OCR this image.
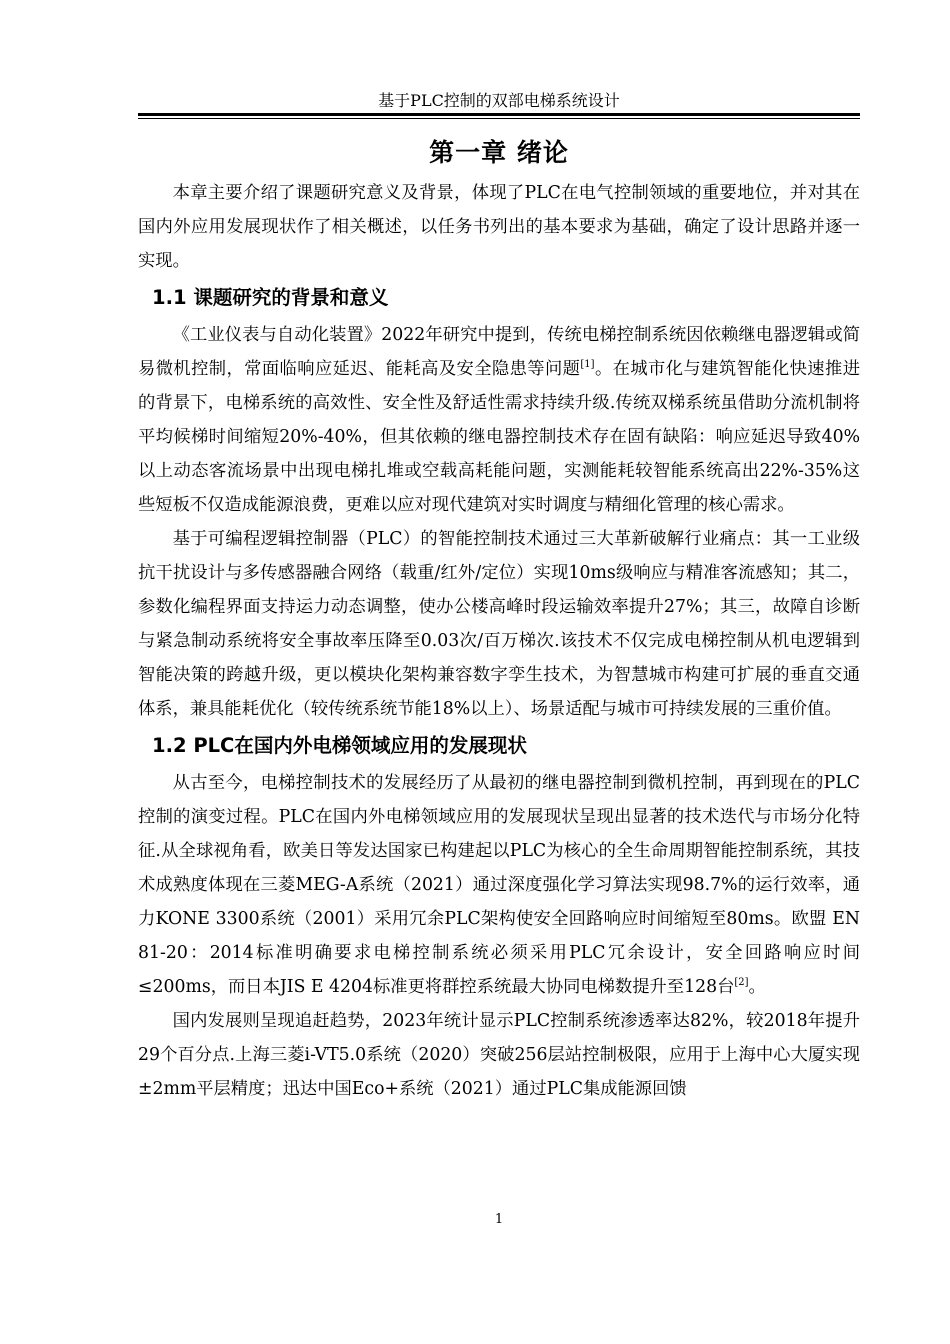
基于PLC控制的双部电梯系统设计
第一章 绪论

本章主要介绍了课题研究意义及背景，体现了PLC在电气控制领域的重要地位，并对其在国内外应用发展现状作了相关概述，以任务书列出的基本要求为基础，确定了设计思路并逐一实现。

1.1 课题研究的背景和意义

《工业仪表与自动化装置》2022年研究中提到，传统电梯控制系统因依赖继电器逻辑或简易微机控制，常面临响应延迟、能耗高及安全隐患等问题[1]。在城市化与建筑智能化快速推进的背景下，电梯系统的高效性、安全性及舒适性需求持续升级.传统双梯系统虽借助分流机制将平均候梯时间缩短20%-40%，但其依赖的继电器控制技术存在固有缺陷：响应延迟导致40%以上动态客流场景中出现电梯扎堆或空载高耗能问题，实测能耗较智能系统高出22%-35%这些短板不仅造成能源浪费，更难以应对现代建筑对实时调度与精细化管理的核心需求。

基于可编程逻辑控制器（PLC）的智能控制技术通过三大革新破解行业痛点：其一工业级抗干扰设计与多传感器融合网络（载重/红外/定位）实现10ms级响应与精准客流感知；其二，参数化编程界面支持运力动态调整，使办公楼高峰时段运输效率提升27%；其三，故障自诊断与紧急制动系统将安全事故率压降至0.03次/百万梯次.该技术不仅完成电梯控制从机电逻辑到智能决策的跨越升级，更以模块化架构兼容数字孪生技术，为智慧城市构建可扩展的垂直交通体系，兼具能耗优化（较传统系统节能18%以上）、场景适配与城市可持续发展的三重价值。

1.2 PLC在国内外电梯领域应用的发展现状

从古至今，电梯控制技术的发展经历了从最初的继电器控制到微机控制，再到现在的PLC控制的演变过程。PLC在国内外电梯领域应用的发展现状呈现出显著的技术迭代与市场分化特征.从全球视角看，欧美日等发达国家已构建起以PLC为核心的全生命周期智能控制系统，其技术成熟度体现在三菱MEG-A系统（2021）通过深度强化学习算法实现98.7%的运行效率，通力KONE 3300系统（2001）采用冗余PLC架构使安全回路响应时间缩短至80ms。欧盟 EN 81-20：2014标准明确要求电梯控制系统必须采用PLC冗余设计，安全回路响应时间≤200ms，而日本JIS E 4204标准更将群控系统最大协同电梯数提升至128台[2]。

国内发展则呈现追赶趋势，2023年统计显示PLC控制系统渗透率达82%，较2018年提升29个百分点.上海三菱i-VT5.0系统（2020）突破256层站控制极限，应用于上海中心大厦实现±2mm平层精度；迅达中国Eco+系统（2021）通过PLC集成能源回馈

1
